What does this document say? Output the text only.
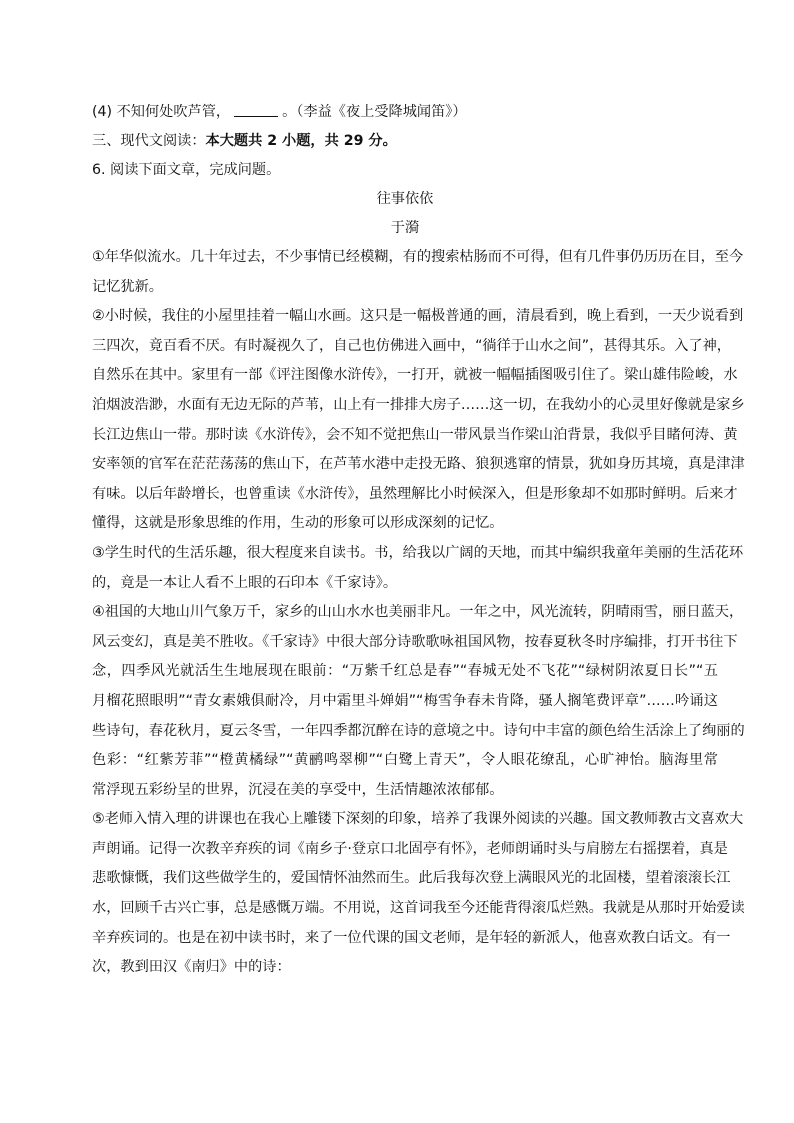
(4) 不知何处吹芦管，	。（李益《夜上受降城闻笛》）
三、现代文阅读：本大题共 2 小题，共 29 分。
6. 阅读下面文章，完成问题。
往事依依
于漪
①年华似流水。几十年过去，不少事情已经模糊，有的搜索枯肠而不可得，但有几件事仍历历在目，至今
记忆犹新。
②小时候，我住的小屋里挂着一幅山水画。这只是一幅极普通的画，清晨看到，晚上看到，一天少说看到
三四次，竟百看不厌。有时凝视久了，自己也仿佛进入画中，“徜徉于山水之间”，甚得其乐。入了神，
自然乐在其中。家里有一部《评注图像水浒传》，一打开，就被一幅幅插图吸引住了。梁山雄伟险峻，水
泊烟波浩渺，水面有无边无际的芦苇，山上有一排排大房子……这一切，在我幼小的心灵里好像就是家乡
长江边焦山一带。那时读《水浒传》，会不知不觉把焦山一带风景当作梁山泊背景，我似乎目睹何涛、黄
安率领的官军在茫茫荡荡的焦山下，在芦苇水港中走投无路、狼狈逃窜的情景，犹如身历其境，真是津津
有味。以后年龄增长，也曾重读《水浒传》，虽然理解比小时候深入，但是形象却不如那时鲜明。后来才
懂得，这就是形象思维的作用，生动的形象可以形成深刻的记忆。
③学生时代的生活乐趣，很大程度来自读书。书，给我以广阔的天地，而其中编织我童年美丽的生活花环
的，竟是一本让人看不上眼的石印本《千家诗》。
④祖国的大地山川气象万千，家乡的山山水水也美丽非凡。一年之中，风光流转，阴晴雨雪，丽日蓝天，
风云变幻，真是美不胜收。《千家诗》中很大部分诗歌歌咏祖国风物，按春夏秋冬时序编排，打开书往下
念，四季风光就活生生地展现在眼前：“万紫千红总是春”“春城无处不飞花”“绿树阴浓夏日长”“五
月榴花照眼明”“青女素娥俱耐冷，月中霜里斗婵娟”“梅雪争春未肯降，骚人搁笔费评章”……吟诵这
些诗句，春花秋月，夏云冬雪，一年四季都沉醉在诗的意境之中。诗句中丰富的颜色给生活涂上了绚丽的
色彩：“红紫芳菲”“橙黄橘绿”“黄鹂鸣翠柳”“白鹭上青天”，令人眼花缭乱，心旷神怡。脑海里常
常浮现五彩纷呈的世界，沉浸在美的享受中，生活情趣浓浓郁郁。
⑤老师入情入理的讲课也在我心上雕镂下深刻的印象，培养了我课外阅读的兴趣。国文教师教古文喜欢大
声朗诵。记得一次教辛弃疾的词《南乡子·登京口北固亭有怀》，老师朗诵时头与肩膀左右摇摆着，真是
悲歌慷慨，我们这些做学生的，爱国情怀油然而生。此后我每次登上满眼风光的北固楼，望着滚滚长江
水，回顾千古兴亡事，总是感慨万端。不用说，这首词我至今还能背得滚瓜烂熟。我就是从那时开始爱读
辛弃疾词的。也是在初中读书时，来了一位代课的国文老师，是年轻的新派人，他喜欢教白话文。有一
次，教到田汉《南归》中的诗：
